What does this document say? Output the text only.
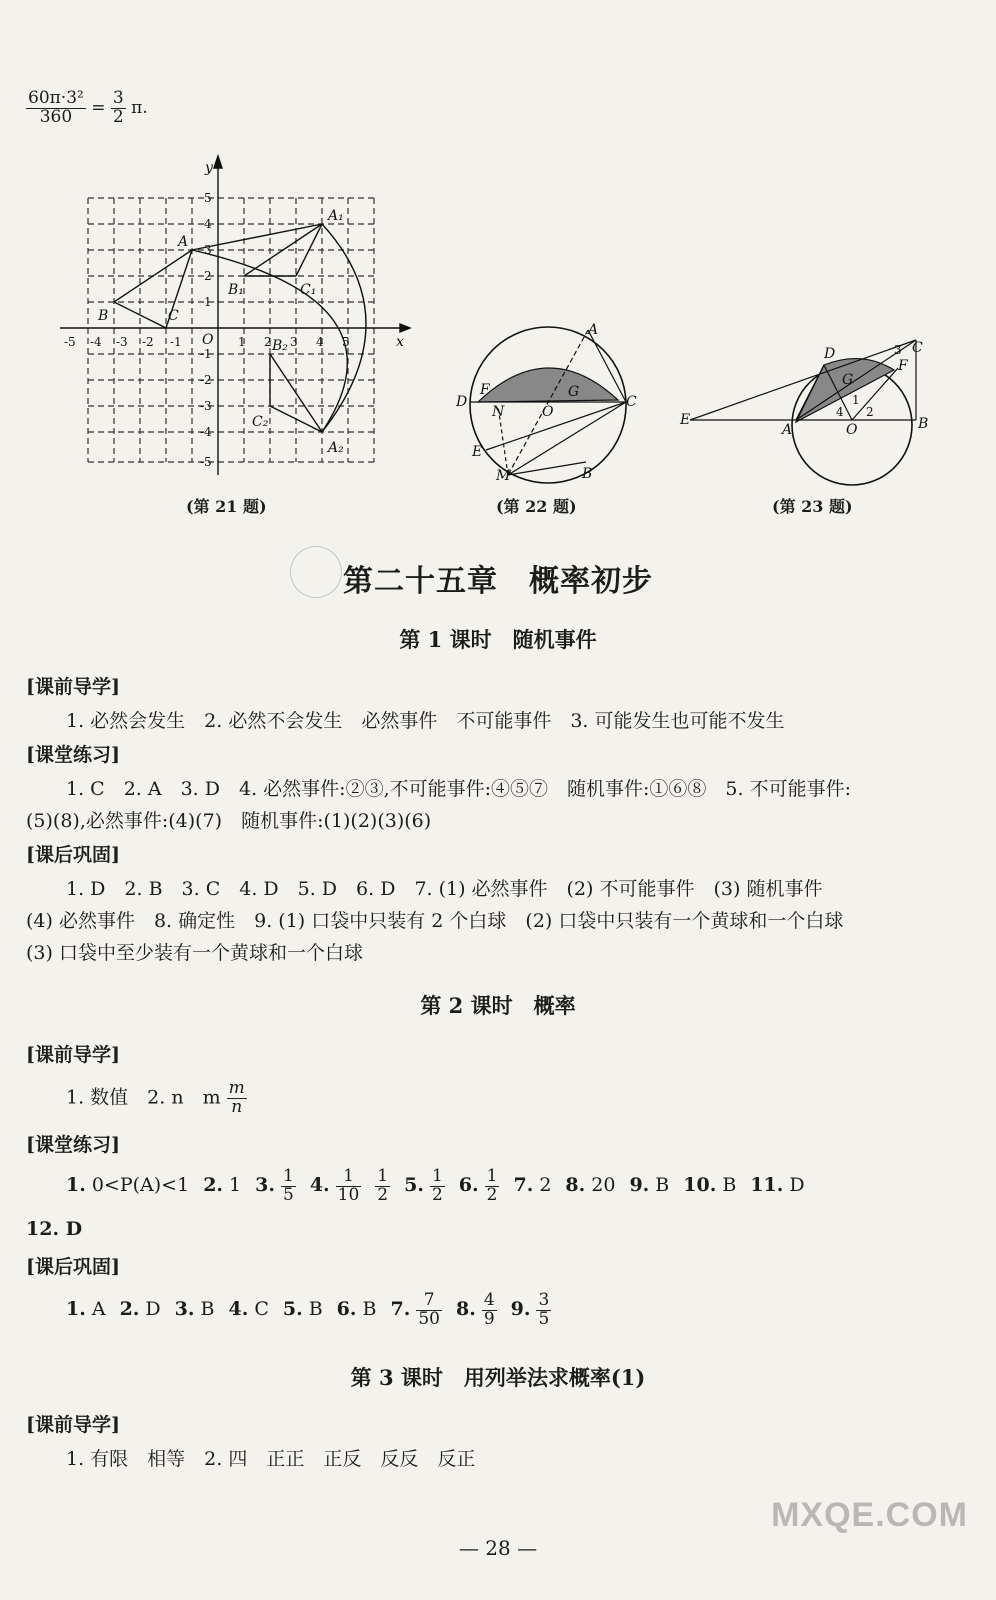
$\frac{\text{60π·3²}}{360} = \frac{3}{2} \pi$.
y
x
O
A
A₁
A₂
B
B₁
B₂
C
C₁
C₂
-5 -4 -3 -2 -1	1 2 3 4 5
5
4
3
2
1
-1
-2
-3
-4
-5
(第 21 题)
A
B
C
D
E
F	G
M
N	O
(第 22 题)
E
A	O	B
C
D
F
G
1
2
3
4
(第 23 题)
第二十五章　概率初步
第 1 课时　随机事件
[课前导学]
1. 必然会发生　2. 必然不会发生　必然事件　不可能事件　3. 可能发生也可能不发生
[课堂练习]
1. C　2. A　3. D　4. 必然事件:②③,不可能事件:④⑤⑦　随机事件:①⑥⑧　5. 不可能事件:
(5)(8),必然事件:(4)(7)　随机事件:(1)(2)(3)(6)
[课后巩固]
1. D　2. B　3. C　4. D　5. D　6. D　7. (1) 必然事件　(2) 不可能事件　(3) 随机事件
(4) 必然事件　8. 确定性　9. (1) 口袋中只装有 2 个白球　(2) 口袋中只装有一个黄球和一个白球
(3) 口袋中至少装有一个黄球和一个白球
第 2 课时　概率
[课前导学]
1. 数值　2. n　m $\frac{m}{n}$
[课堂练习]
1. 0<P(A)<1 2. 1 3. $\frac{1}{5} 4$. $\frac{1}{10} \frac{1}{2} 5$. $\frac{1}{2} 6$. $\frac{1}{2} 7$. 2 8. 20 9. B 10. B 11. D
12. D
[课后巩固]
1. A 2. D 3. B 4. C 5. B 6. B 7. $\frac{7}{50} 8$. $\frac{4}{9} 9$. $\frac{3}{5}$
第 3 课时　用列举法求概率(1)
[课前导学]
1. 有限　相等　2. 四　正正　正反　反反　反正
— 28 —
MXQE.COM
